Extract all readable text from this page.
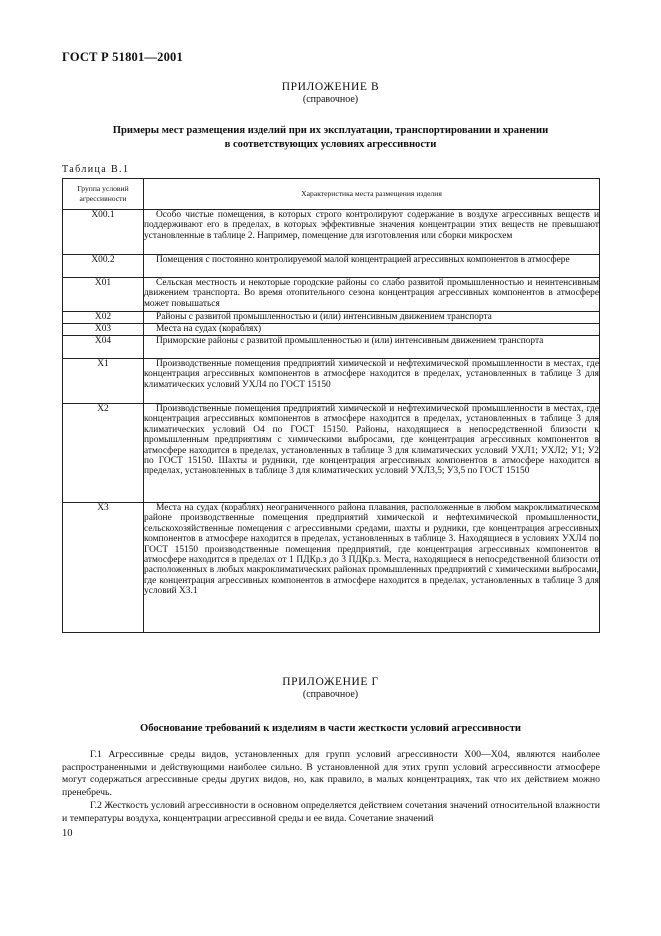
ГОСТ Р 51801—2001
ПРИЛОЖЕНИЕ В
(справочное)
Примеры мест размещения изделий при их эксплуатации, транспортировании и хранении
в соответствующих условиях агрессивности
Таблица В.1
Группа условий агрессивности	Характеристика места размещения изделия
Х00.1	Особо чистые помещения, в которых строго контролируют содержание в воздухе агрессивных веществ и поддерживают его в пределах, в которых эффективные значения концентрации этих веществ не превышают установленные в таблице 2. Например, помещение для изготовления или сборки микросхем
Х00.2	Помещения с постоянно контролируемой малой концентрацией агрессивных компонентов в атмосфере
Х01	Сельская местность и некоторые городские районы со слабо развитой промышленностью и неинтенсивным движением транспорта. Во время отопительного сезона концентрация агрессивных компонентов в атмосфере может повышаться
Х02	Районы с развитой промышленностью и (или) интенсивным движением транспорта
Х03	Места на судах (кораблях)
Х04	Приморские районы с развитой промышленностью и (или) интенсивным движением транспорта
Х1	Производственные помещения предприятий химической и нефтехимической промышленности в местах, где концентрация агрессивных компонентов в атмосфере находится в пределах, установленных в таблице 3 для климатических условий УХЛ4 по ГОСТ 15150
Х2	Производственные помещения предприятий химической и нефтехимической промышленности в местах, где концентрация агрессивных компонентов в атмосфере находится в пределах, установленных в таблице 3 для климатических условий О4 по ГОСТ 15150. Районы, находящиеся в непосредственной близости к промышленным предприятиям с химическими выбросами, где концентрация агрессивных компонентов в атмосфере находится в пределах, установленных в таблице 3 для климатических условий УХЛ1; УХЛ2; У1; У2 по ГОСТ 15150. Шахты и рудники, где концентрация агрессивных компонентов в атмосфере находится в пределах, установленных в таблице 3 для климатических условий УХЛ3,5; У3,5 по ГОСТ 15150
Х3	Места на судах (кораблях) неограниченного района плавания, расположенные в любом макроклиматическом районе производственные помещения предприятий химической и нефтехимической промышленности, сельскохозяйственные помещения с агрессивными средами, шахты и рудники, где концентрация агрессивных компонентов в атмосфере находится в пределах, установленных в таблице 3. Находящиеся в условиях УХЛ4 по ГОСТ 15150 производственные помещения предприятий, где концентрация агрессивных компонентов в атмосфере находится в пределах от 1 ПДКр.з до 3 ПДКр.з. Места, находящиеся в непосредственной близости от расположенных в любых макроклиматических районах промышленных предприятий с химическими выбросами, где концентрация агрессивных компонентов в атмосфере находится в пределах, установленных в таблице 3 для условий Х3.1
ПРИЛОЖЕНИЕ Г
(справочное)
Обоснование требований к изделиям в части жесткости условий агрессивности
Г.1 Агрессивные среды видов, установленных для групп условий агрессивности Х00—Х04, являются наиболее распространенными и действующими наиболее сильно. В установленной для этих групп условий агрессивности атмосфере могут содержаться агрессивные среды других видов, но, как правило, в малых концентрациях, так что их действием можно пренебречь.
Г.2 Жесткость условий агрессивности в основном определяется действием сочетания значений относительной влажности и температуры воздуха, концентрации агрессивной среды и ее вида. Сочетание значений
10
